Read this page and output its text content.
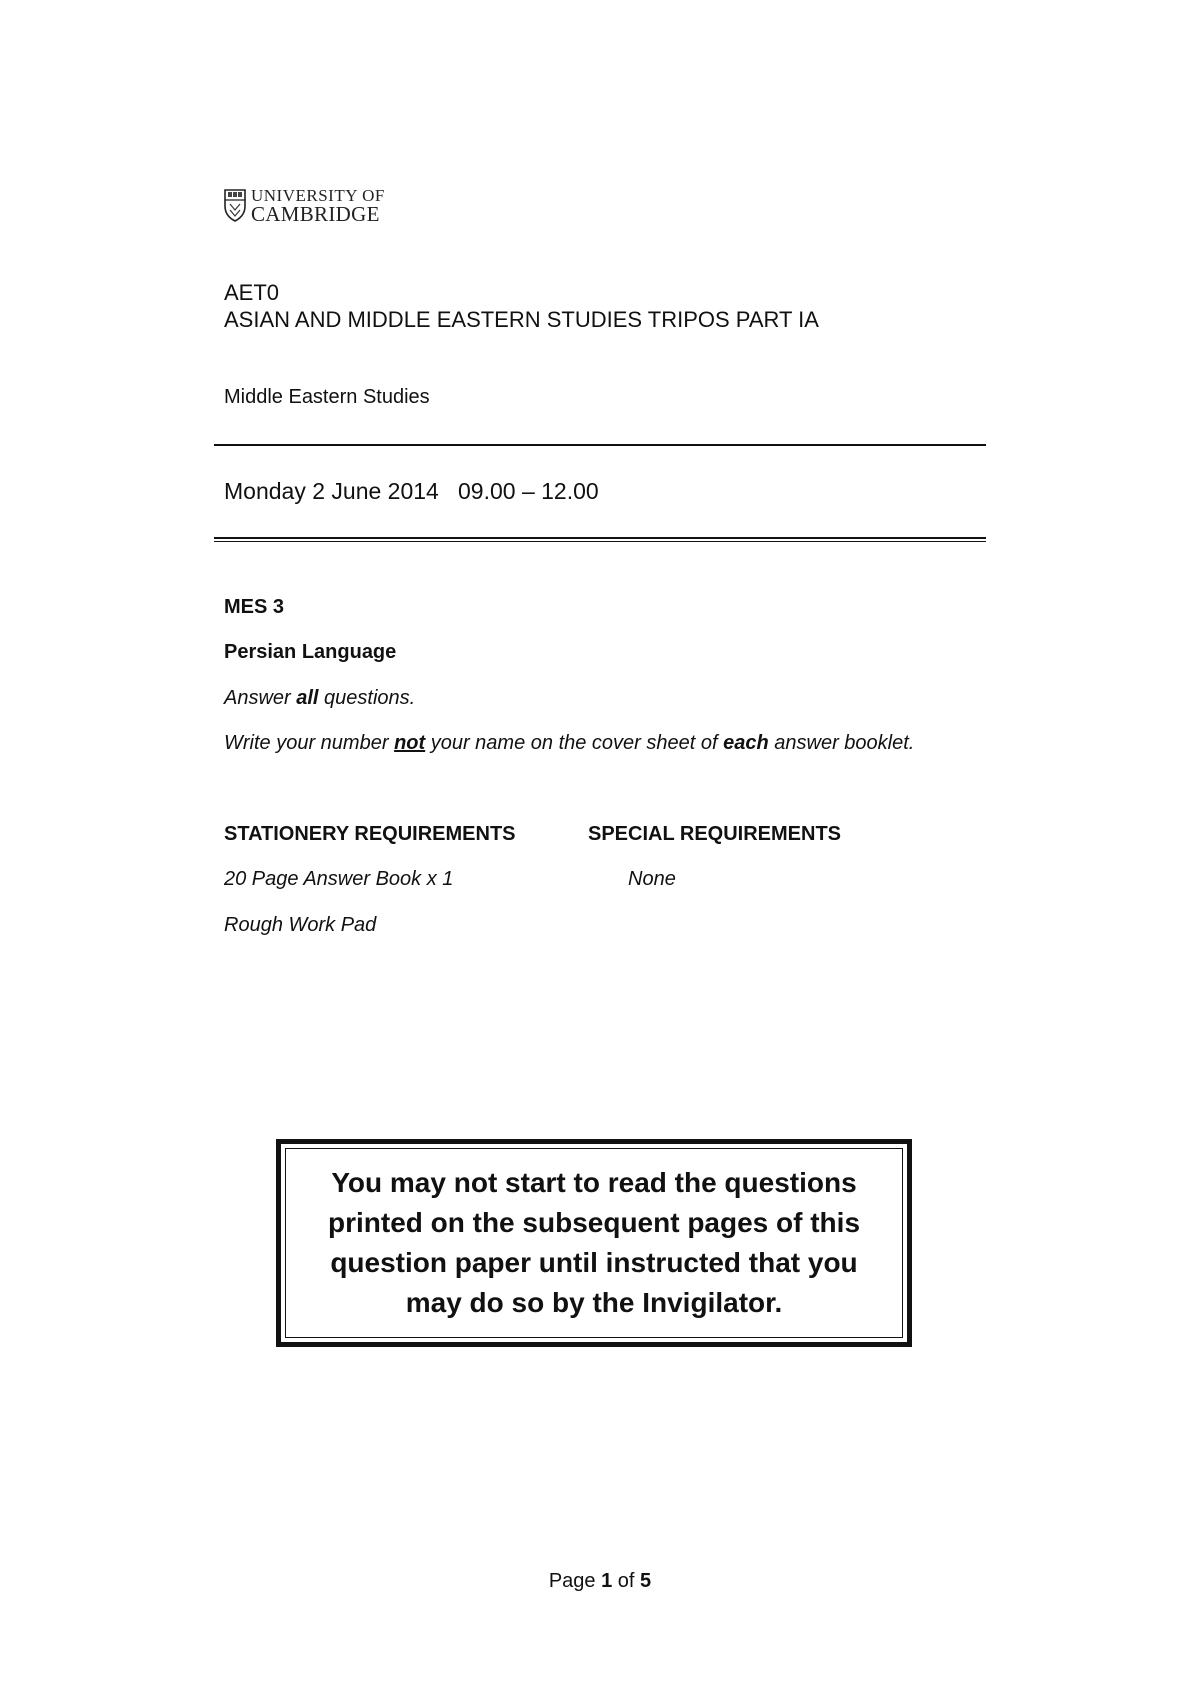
UNIVERSITY OF
CAMBRIDGE
AET0
ASIAN AND MIDDLE EASTERN STUDIES TRIPOS PART IA
Middle Eastern Studies
Monday 2 June 2014   09.00 – 12.00
MES 3
Persian Language
Answer all questions.
Write your number not your name on the cover sheet of each answer booklet.
STATIONERY REQUIREMENTS	SPECIAL REQUIREMENTS
20 Page Answer Book x 1	None
Rough Work Pad
You may not start to read the questions printed on the subsequent pages of this question paper until instructed that you may do so by the Invigilator.
Page 1 of 5
